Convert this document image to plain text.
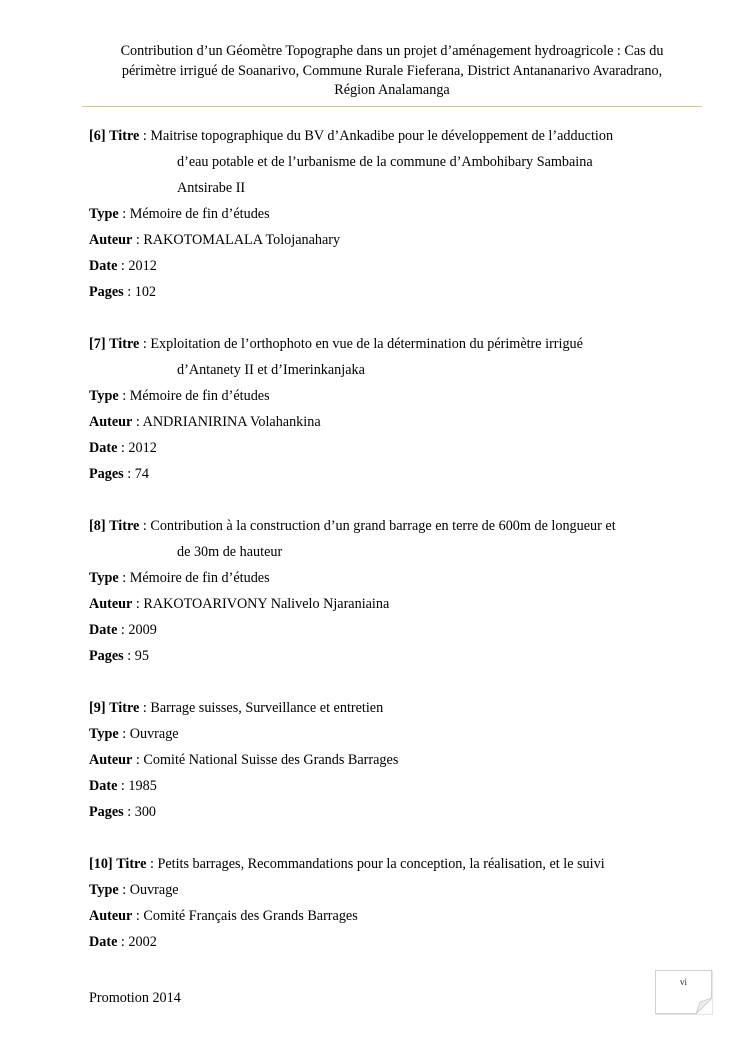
Contribution d’un Géomètre Topographe dans un projet d’aménagement hydroagricole : Cas du
périmètre irrigué de Soanarivo, Commune Rurale Fieferana, District Antananarivo Avaradrano,
Région Analamanga
[6] Titre : Maitrise topographique du BV d’Ankadibe pour le développement de l’adduction
d’eau potable et de l’urbanisme de la commune d’Ambohibary Sambaina
Antsirabe II
Type : Mémoire de fin d’études
Auteur : RAKOTOMALALA Tolojanahary
Date : 2012
Pages : 102
[7] Titre : Exploitation de l’orthophoto en vue de la détermination du périmètre irrigué
d’Antanety II et d’Imerinkanjaka
Type : Mémoire de fin d’études
Auteur : ANDRIANIRINA Volahankina
Date : 2012
Pages : 74
[8] Titre : Contribution à la construction d’un grand barrage en terre de 600m de longueur et
de 30m de hauteur
Type : Mémoire de fin d’études
Auteur : RAKOTOARIVONY Nalivelo Njaraniaina
Date : 2009
Pages : 95
[9] Titre : Barrage suisses, Surveillance et entretien
Type : Ouvrage
Auteur : Comité National Suisse des Grands Barrages
Date : 1985
Pages : 300
[10] Titre : Petits barrages, Recommandations pour la conception, la réalisation, et le suivi
Type : Ouvrage
Auteur : Comité Français des Grands Barrages
Date : 2002
vi
Promotion 2014
